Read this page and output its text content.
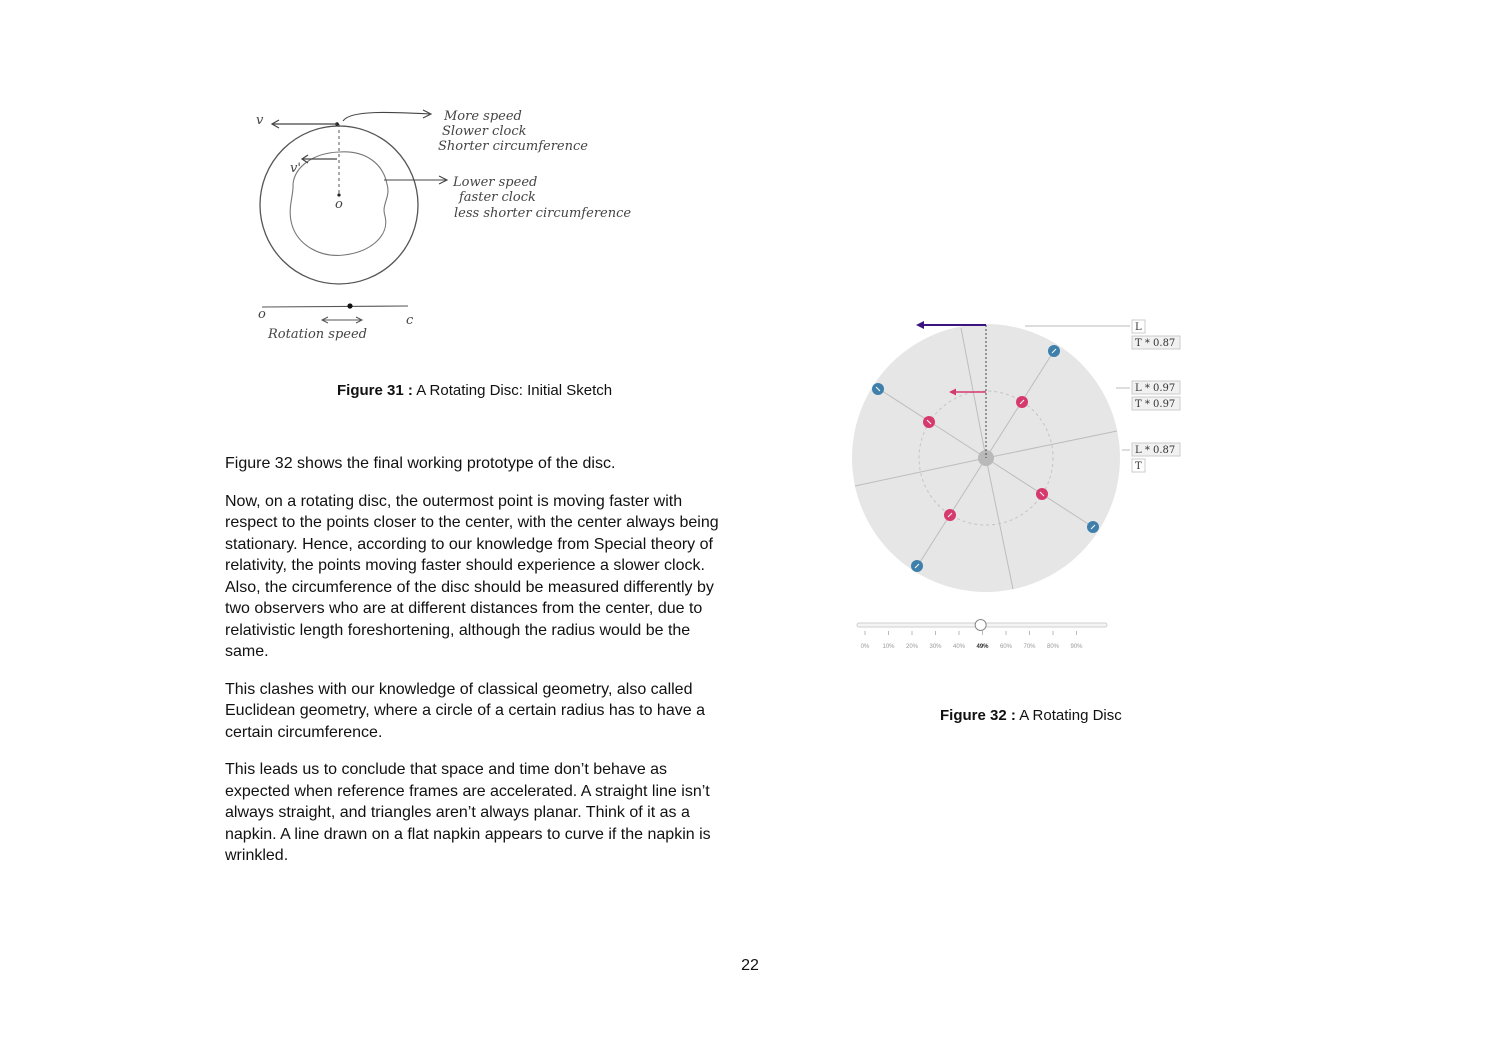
v
v'
o
More speed
Slower clock
Shorter circumference
Lower speed
faster clock
less shorter circumference
o	c
Rotation speed
Figure 31 : A Rotating Disc: Initial Sketch

Figure 32 shows the final working prototype of the disc.

Now, on a rotating disc, the outermost point is moving faster with respect to the points closer to the center, with the center always being stationary. Hence, according to our knowledge from Special theory of relativity, the points moving faster should experience a slower clock. Also, the circumference of the disc should be measured differently by two observers who are at different distances from the center, due to relativistic length foreshortening, although the radius would be the same.

This clashes with our knowledge of classical geometry, also called Euclidean geometry, where a circle of a certain radius has to have a certain circumference.

This leads us to conclude that space and time don’t behave as expected when reference frames are accelerated. A straight line isn’t always straight, and triangles aren’t always planar. Think of it as a napkin. A line drawn on a flat napkin appears to curve if the napkin is wrinkled.

L
T * 0.87
L * 0.97
T * 0.97
L * 0.87
T
0% 10% 20% 30% 40% 49% 60% 70% 80% 90%
Figure 32 : A Rotating Disc
22
